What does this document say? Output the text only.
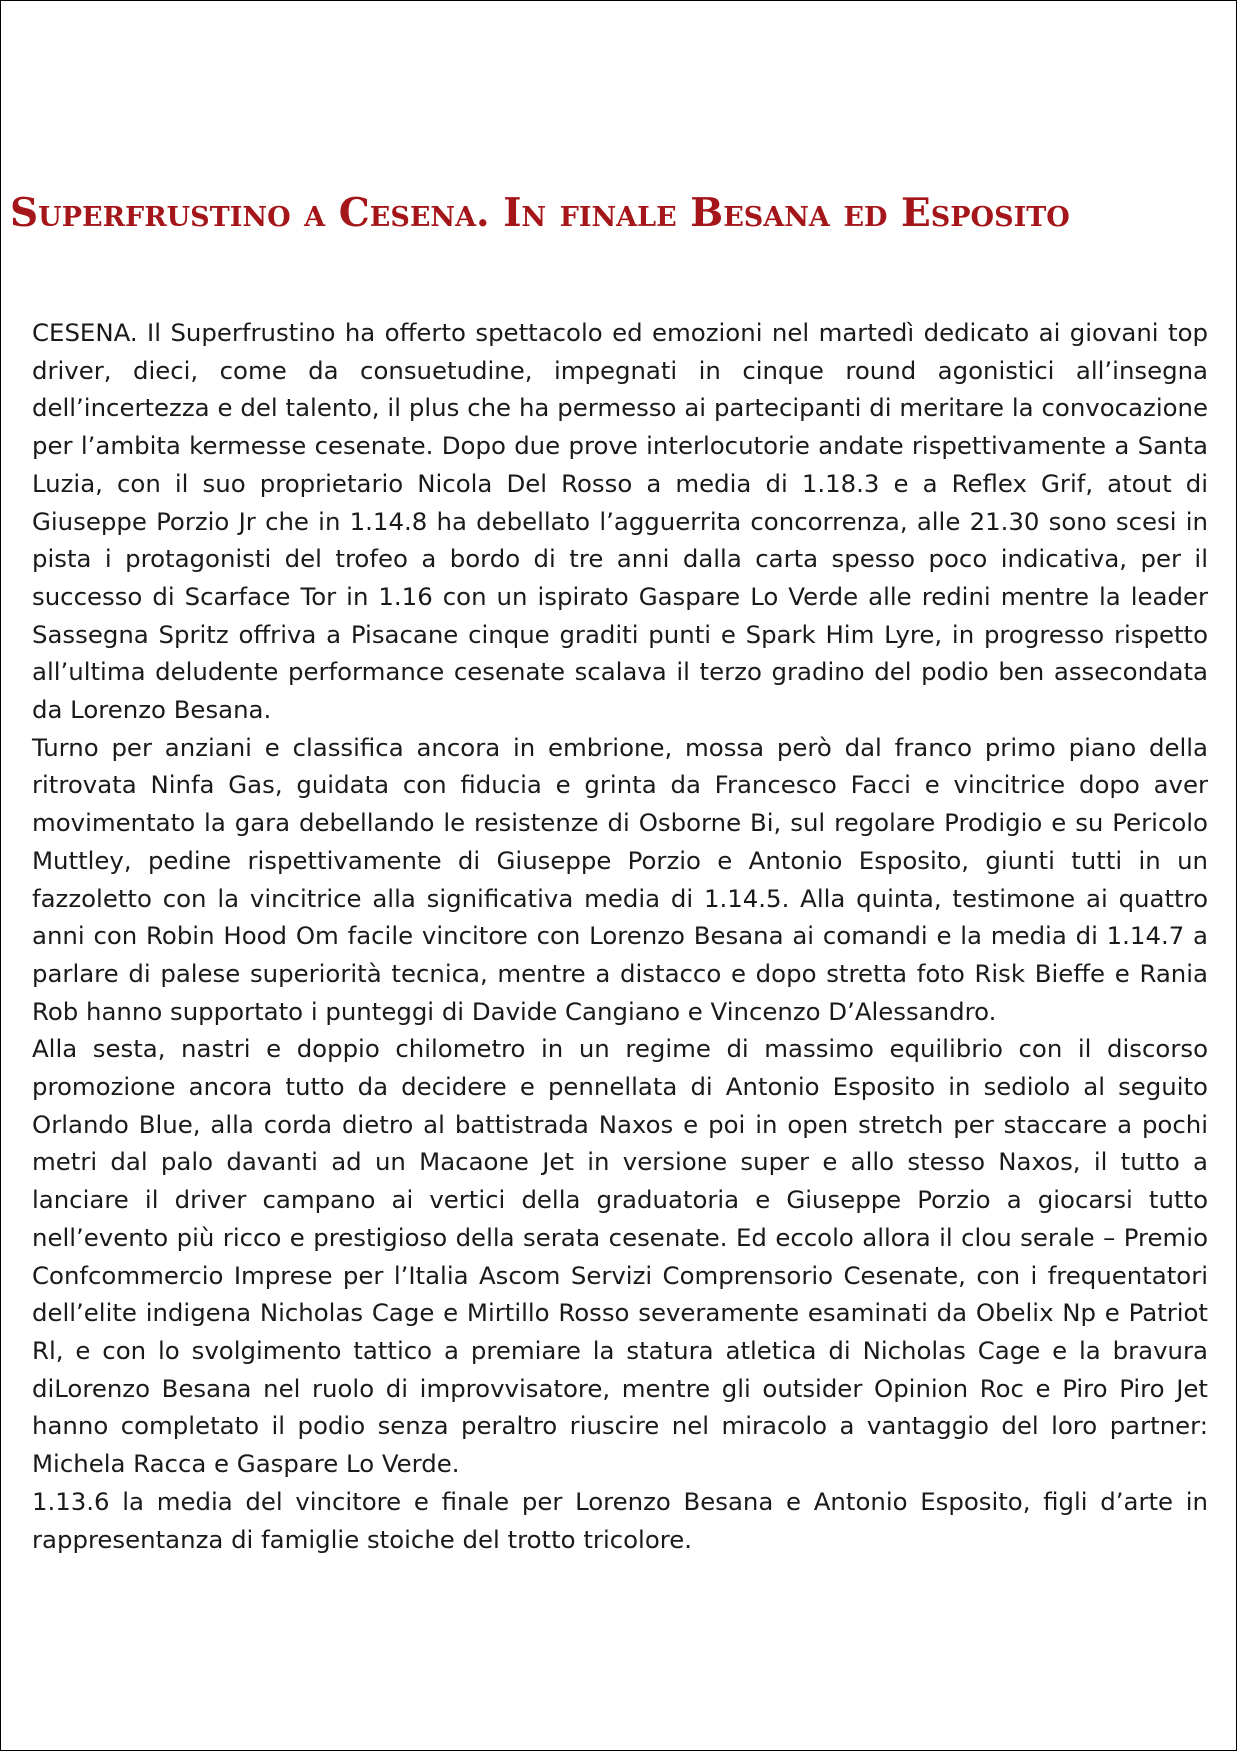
Superfrustino a Cesena. In finale Besana ed Esposito

CESENA. Il Superfrustino ha offerto spettacolo ed emozioni nel martedì dedicato ai giovani top driver, dieci, come da consuetudine, impegnati in cinque round agonistici all’insegna dell’incertezza e del talento, il plus che ha permesso ai partecipanti di meritare la convocazione per l’ambita kermesse cesenate. Dopo due prove interlocutorie andate rispettivamente a Santa Luzia, con il suo proprietario Nicola Del Rosso a media di 1.18.3 e a Reflex Grif, atout di Giuseppe Porzio Jr che in 1.14.8 ha debellato l’agguerrita concorrenza, alle 21.30 sono scesi in pista i protagonisti del trofeo a bordo di tre anni dalla carta spesso poco indicativa, per il successo di Scarface Tor in 1.16 con un ispirato Gaspare Lo Verde alle redini mentre la leader Sassegna Spritz offriva a Pisacane cinque graditi punti e Spark Him Lyre, in progresso rispetto all’ultima deludente performance cesenate scalava il terzo gradino del podio ben assecondata da Lorenzo Besana.

Turno per anziani e classifica ancora in embrione, mossa però dal franco primo piano della ritrovata Ninfa Gas, guidata con fiducia e grinta da Francesco Facci e vincitrice dopo aver movimentato la gara debellando le resistenze di Osborne Bi, sul regolare Prodigio e su Pericolo Muttley, pedine rispettivamente di Giuseppe Porzio e Antonio Esposito, giunti tutti in un fazzoletto con la vincitrice alla significativa media di 1.14.5. Alla quinta, testimone ai quattro anni con Robin Hood Om facile vincitore con Lorenzo Besana ai comandi e la media di 1.14.7 a parlare di palese superiorità tecnica, mentre a distacco e dopo stretta foto Risk Bieffe e Rania Rob hanno supportato i punteggi di Davide Cangiano e Vincenzo D’Alessandro.

Alla sesta, nastri e doppio chilometro in un regime di massimo equilibrio con il discorso promozione ancora tutto da decidere e pennellata di Antonio Esposito in sediolo al seguito Orlando Blue, alla corda dietro al battistrada Naxos e poi in open stretch per staccare a pochi metri dal palo davanti ad un Macaone Jet in versione super e allo stesso Naxos, il tutto a lanciare il driver campano ai vertici della graduatoria e Giuseppe Porzio a giocarsi tutto nell’evento più ricco e prestigioso della serata cesenate. Ed eccolo allora il clou serale – Premio Confcommercio Imprese per l’Italia Ascom Servizi Comprensorio Cesenate, con i frequentatori dell’elite indigena Nicholas Cage e Mirtillo Rosso severamente esaminati da Obelix Np e Patriot Rl, e con lo svolgimento tattico a premiare la statura atletica di Nicholas Cage e la bravura diLorenzo Besana nel ruolo di improvvisatore, mentre gli outsider Opinion Roc e Piro Piro Jet hanno completato il podio senza peraltro riuscire nel miracolo a vantaggio del loro partner: Michela Racca e Gaspare Lo Verde.

1.13.6 la media del vincitore e finale per Lorenzo Besana e Antonio Esposito, figli d’arte in rappresentanza di famiglie stoiche del trotto tricolore.
